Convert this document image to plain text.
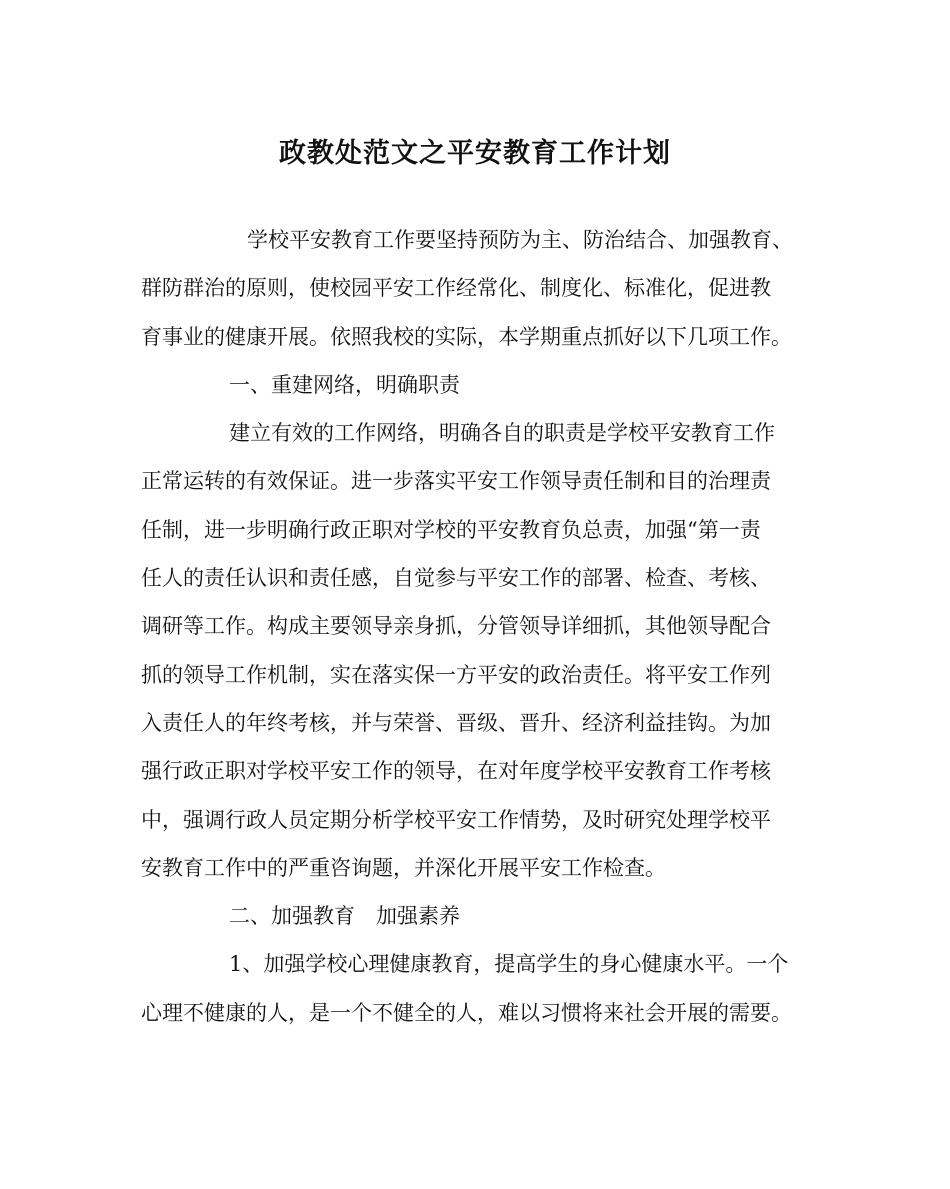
政教处范文之平安教育工作计划
学校平安教育工作要坚持预防为主、防治结合、加强教育、
群防群治的原则，使校园平安工作经常化、制度化、标准化，促进教
育事业的健康开展。依照我校的实际，本学期重点抓好以下几项工作。
一、重建网络，明确职责
建立有效的工作网络，明确各自的职责是学校平安教育工作
正常运转的有效保证。进一步落实平安工作领导责任制和目的治理责
任制，进一步明确行政正职对学校的平安教育负总责，加强“第一责
任人的责任认识和责任感，自觉参与平安工作的部署、检查、考核、
调研等工作。构成主要领导亲身抓，分管领导详细抓，其他领导配合
抓的领导工作机制，实在落实保一方平安的政治责任。将平安工作列
入责任人的年终考核，并与荣誉、晋级、晋升、经济利益挂钩。为加
强行政正职对学校平安工作的领导，在对年度学校平安教育工作考核
中，强调行政人员定期分析学校平安工作情势，及时研究处理学校平
安教育工作中的严重咨询题，并深化开展平安工作检查。
二、加强教育　加强素养
1、加强学校心理健康教育，提高学生的身心健康水平。一个
心理不健康的人，是一个不健全的人，难以习惯将来社会开展的需要。
